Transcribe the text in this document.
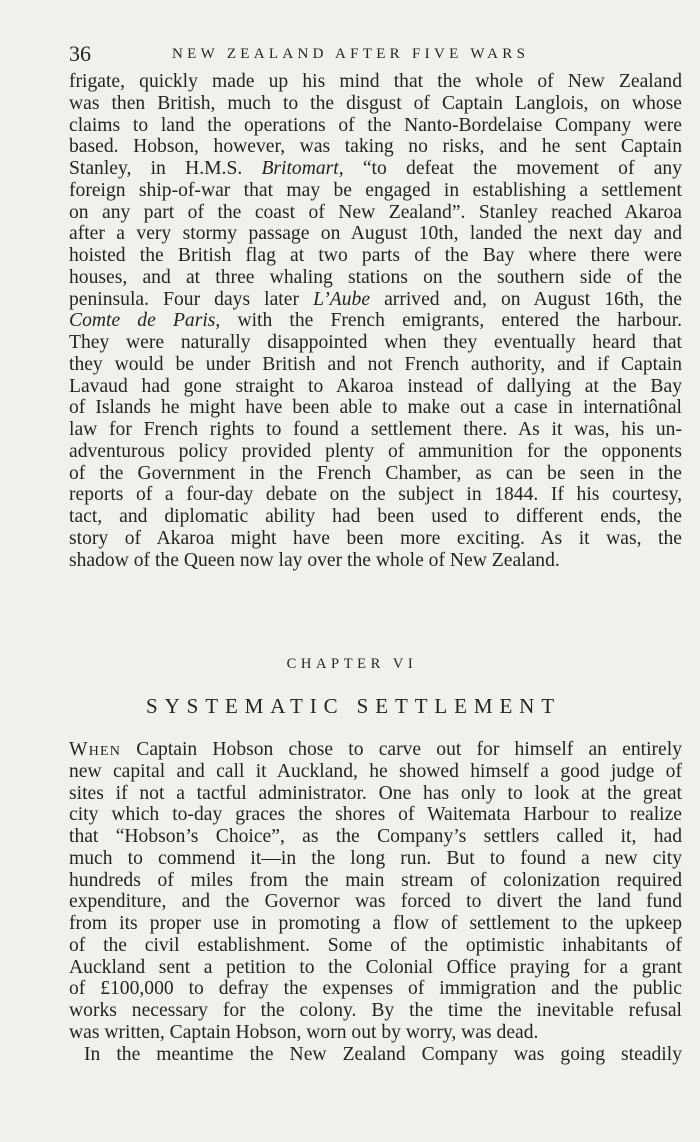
36	NEW ZEALAND AFTER FIVE WARS
frigate, quickly made up his mind that the whole of New Zealand
was then British, much to the disgust of Captain Langlois, on whose
claims to land the operations of the Nanto-Bordelaise Company were
based. Hobson, however, was taking no risks, and he sent Captain
Stanley, in H.M.S. Britomart, “to defeat the movement of any
foreign ship-of-war that may be engaged in establishing a settlement
on any part of the coast of New Zealand”. Stanley reached Akaroa
after a very stormy passage on August 10th, landed the next day and
hoisted the British flag at two parts of the Bay where there were
houses, and at three whaling stations on the southern side of the
peninsula. Four days later L’Aube arrived and, on August 16th, the
Comte de Paris, with the French emigrants, entered the harbour.
They were naturally disappointed when they eventually heard that
they would be under British and not French authority, and if Captain
Lavaud had gone straight to Akaroa instead of dallying at the Bay
of Islands he might have been able to make out a case in internatiônal
law for French rights to found a settlement there. As it was, his un-
adventurous policy provided plenty of ammunition for the opponents
of the Government in the French Chamber, as can be seen in the
reports of a four-day debate on the subject in 1844. If his courtesy,
tact, and diplomatic ability had been used to different ends, the
story of Akaroa might have been more exciting. As it was, the
shadow of the Queen now lay over the whole of New Zealand.
CHAPTER VI
SYSTEMATIC SETTLEMENT
When Captain Hobson chose to carve out for himself an entirely
new capital and call it Auckland, he showed himself a good judge of
sites if not a tactful administrator. One has only to look at the great
city which to-day graces the shores of Waitemata Harbour to realize
that “Hobson’s Choice”, as the Company’s settlers called it, had
much to commend it—in the long run. But to found a new city
hundreds of miles from the main stream of colonization required
expenditure, and the Governor was forced to divert the land fund
from its proper use in promoting a flow of settlement to the upkeep
of the civil establishment. Some of the optimistic inhabitants of
Auckland sent a petition to the Colonial Office praying for a grant
of £100,000 to defray the expenses of immigration and the public
works necessary for the colony. By the time the inevitable refusal
was written, Captain Hobson, worn out by worry, was dead.
In the meantime the New Zealand Company was going steadily
